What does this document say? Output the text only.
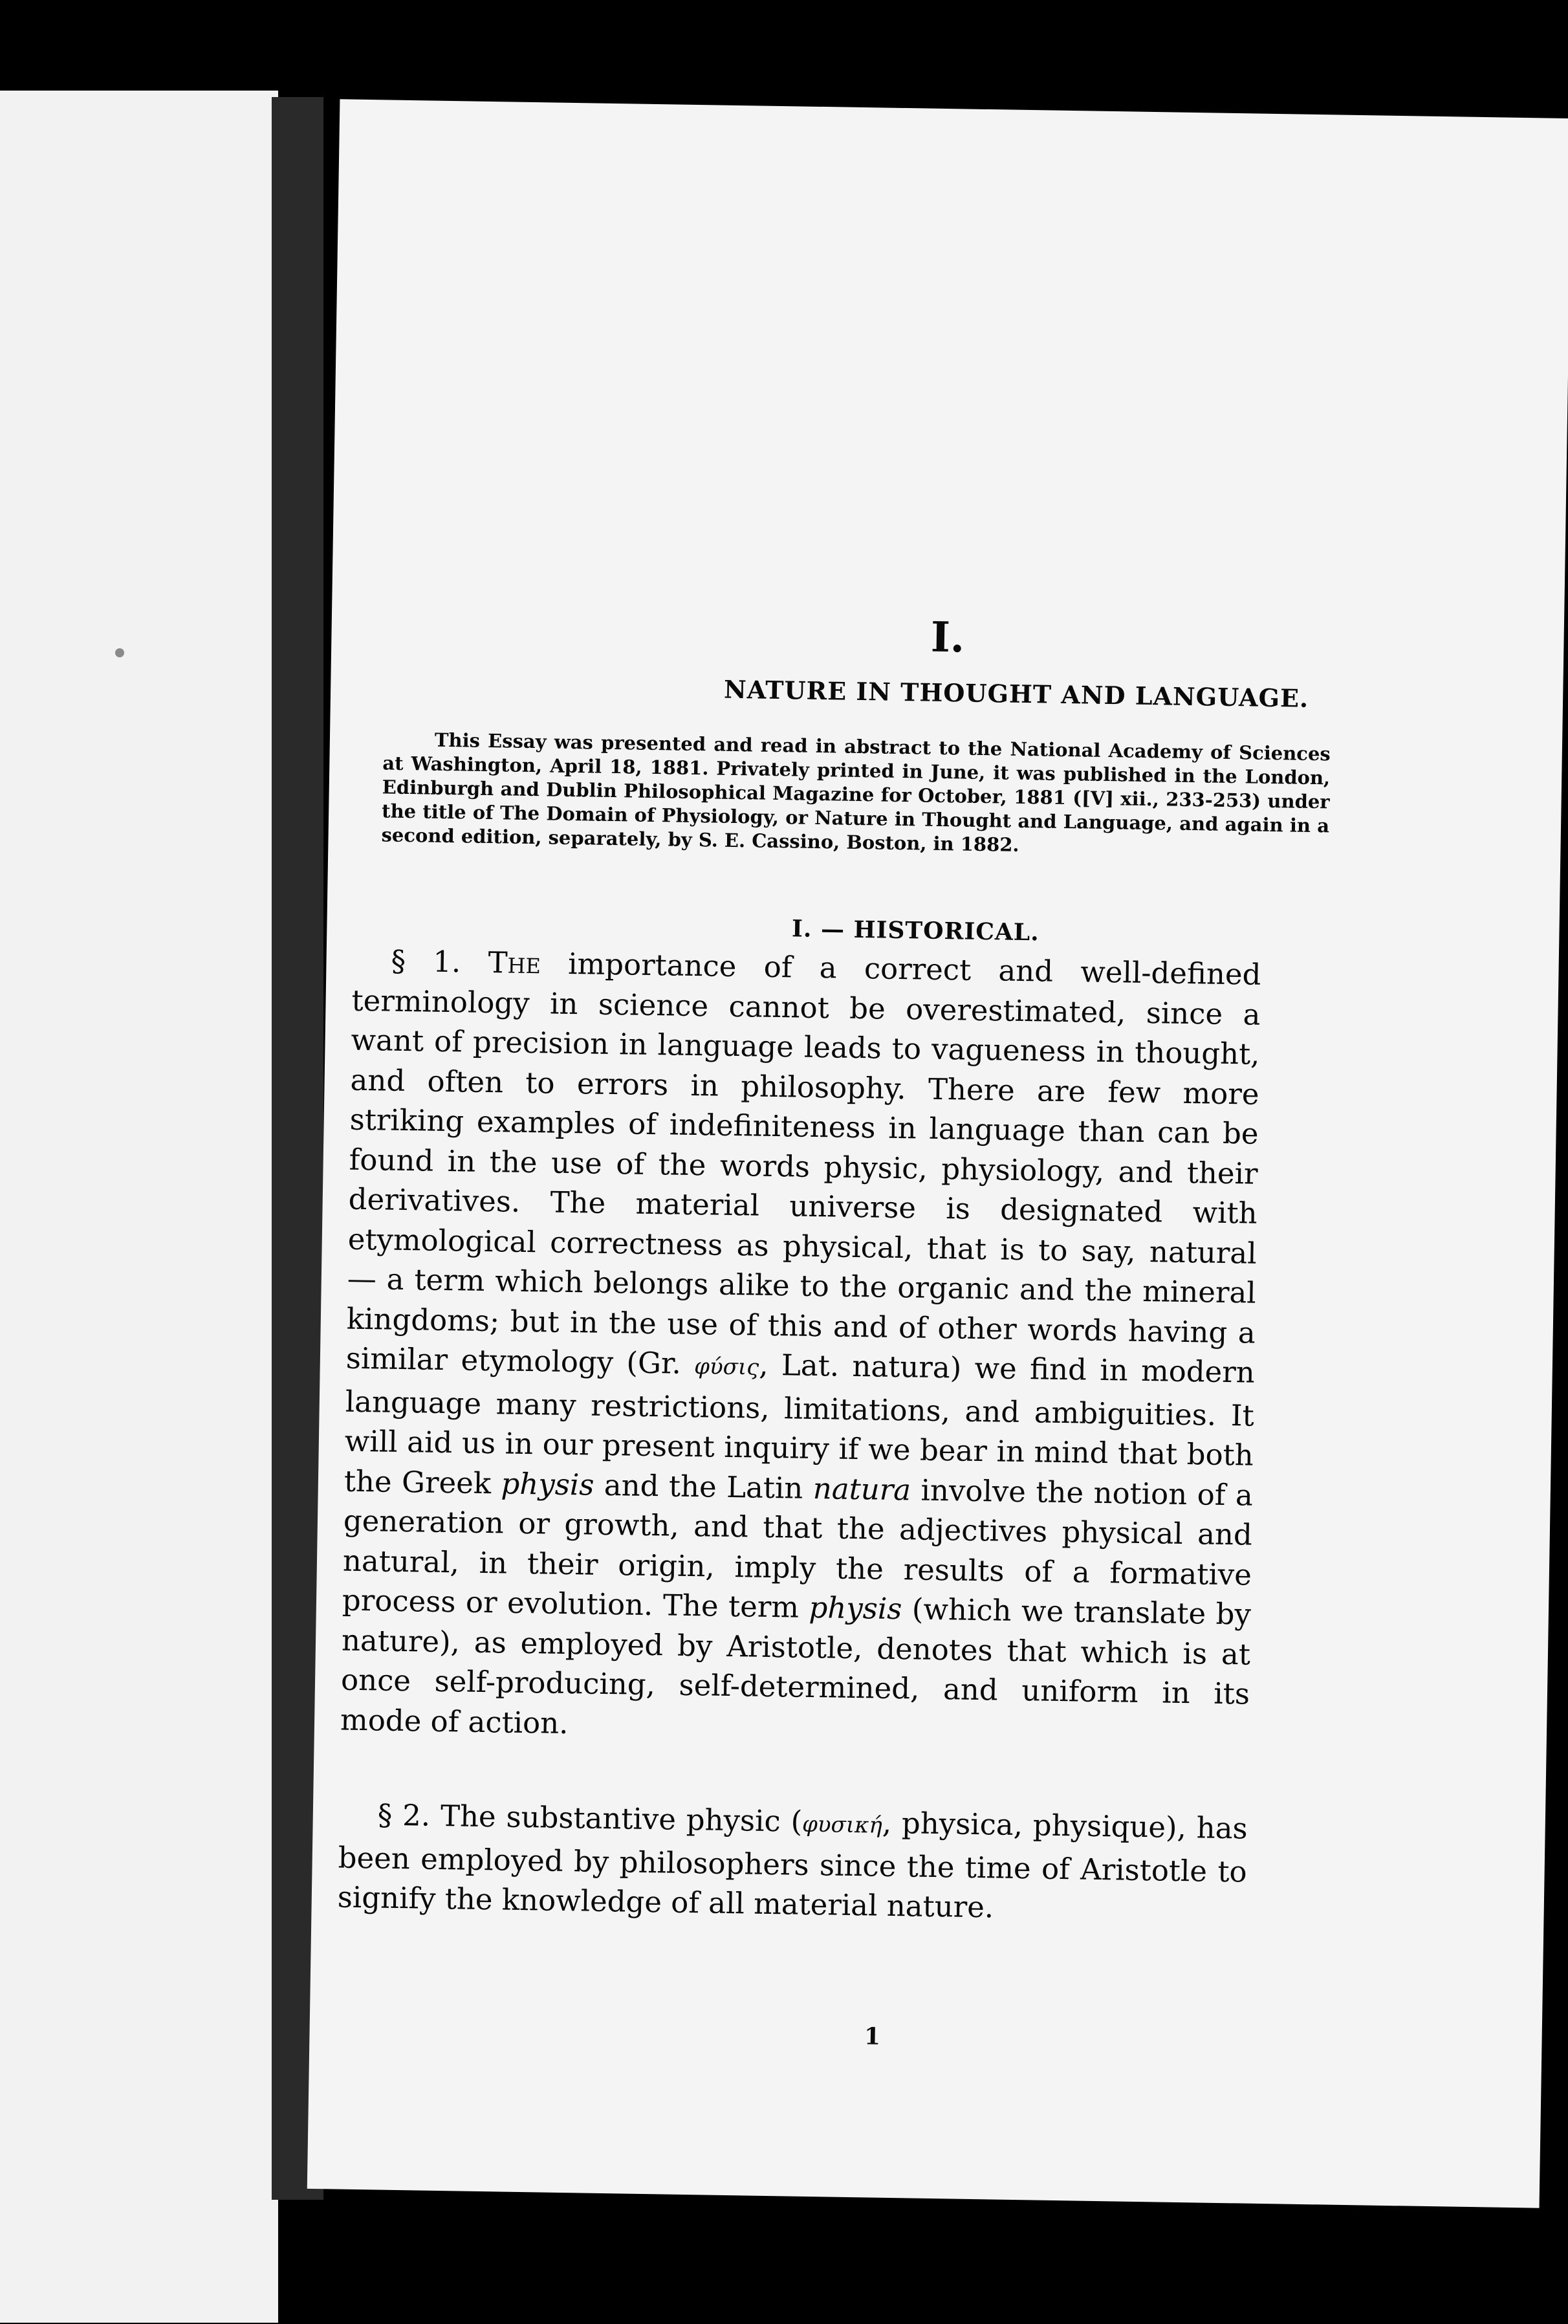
I.
NATURE IN THOUGHT AND LANGUAGE.
This Essay was presented and read in abstract to the National Academy of Sciences at Washington, April 18, 1881. Privately printed in June, it was published in the London, Edinburgh and Dublin Philosophical Magazine for October, 1881 ([V] xii., 233-253) under the title of The Domain of Physiology, or Nature in Thought and Language, and again in a second edition, separately, by S. E. Cassino, Boston, in 1882.
I. — HISTORICAL.
§ 1. The importance of a correct and well-defined terminology in science cannot be overestimated, since a want of precision in language leads to vagueness in thought, and often to errors in philosophy. There are few more striking examples of indefiniteness in language than can be found in the use of the words physic, physiology, and their derivatives. The material universe is designated with etymological correctness as physical, that is to say, natural — a term which belongs alike to the organic and the mineral kingdoms; but in the use of this and of other words having a similar etymology (Gr. φύσις, Lat. natura) we find in modern language many restrictions, limitations, and ambiguities. It will aid us in our present inquiry if we bear in mind that both the Greek physis and the Latin natura involve the notion of a generation or growth, and that the adjectives physical and natural, in their origin, imply the results of a formative process or evolution. The term physis (which we translate by nature), as employed by Aristotle, denotes that which is at once self-producing, self-determined, and uniform in its mode of action.
§ 2. The substantive physic (φυσική, physica, physique), has been employed by philosophers since the time of Aristotle to signify the knowledge of all material nature.
1
